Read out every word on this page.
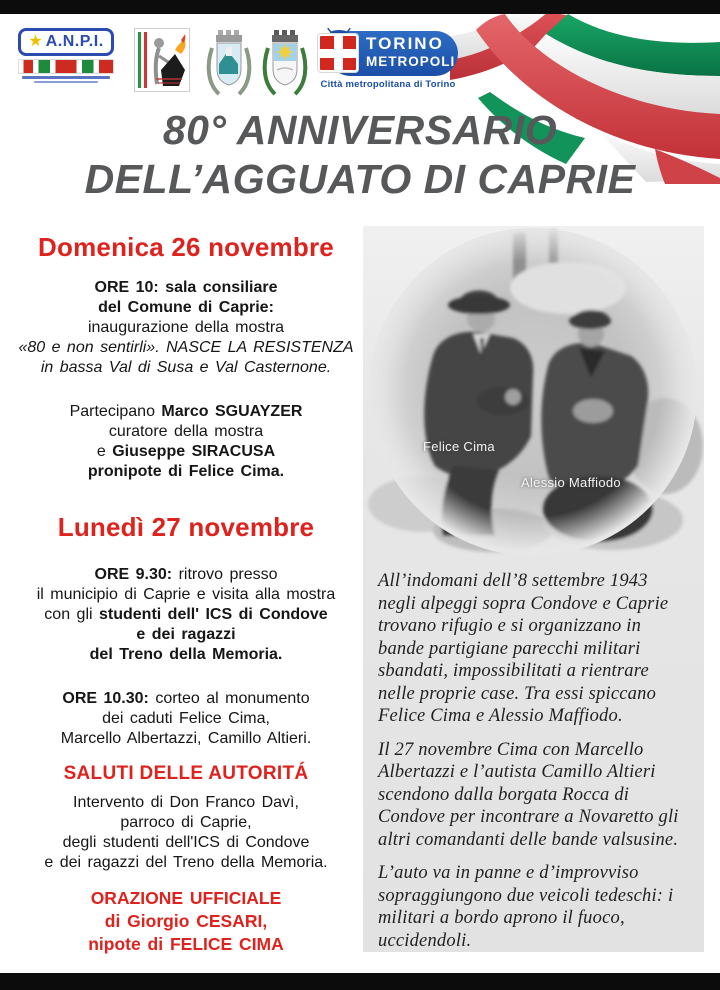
★ A.N.P.I.	TORINO
METROPOLI
Città metropolitana di Torino
80° ANNIVERSARIO
DELL’AGGUATO DI CAPRIE
Domenica 26 novembre

ORE 10: sala consiliare
del Comune di Caprie:
inaugurazione della mostra
«80 e non sentirli». NASCE LA RESISTENZA
in bassa Val di Susa e Val Casternone.

Partecipano Marco SGUAYZER
curatore della mostra
e Giuseppe SIRACUSA
pronipote di Felice Cima.

Lunedì 27 novembre

ORE 9.30: ritrovo presso
il municipio di Caprie e visita alla mostra
con gli studenti dell' ICS di Condove
e dei ragazzi
del Treno della Memoria.

ORE 10.30: corteo al monumento
dei caduti Felice Cima,
Marcello Albertazzi, Camillo Altieri.

SALUTI DELLE AUTORITÁ

Intervento di Don Franco Davì,
parroco di Caprie,
degli studenti dell'ICS di Condove
e dei ragazzi del Treno della Memoria.

ORAZIONE UFFICIALE
di Giorgio CESARI,
nipote di FELICE CIMA

Felice Cima
Alessio Maffiodo

All’indomani dell’8 settembre 1943 negli alpeggi sopra Condove e Caprie trovano rifugio e si organizzano in bande partigiane parecchi militari sbandati, impossibilitati a rientrare nelle proprie case. Tra essi spiccano Felice Cima e Alessio Maffiodo.

Il 27 novembre Cima con Marcello Albertazzi e l’autista Camillo Altieri scendono dalla borgata Rocca di Condove per incontrare a Novaretto gli altri comandanti delle bande valsusine.

L’auto va in panne e d’improvviso sopraggiungono due veicoli tedeschi: i militari a bordo aprono il fuoco, uccidendoli.
